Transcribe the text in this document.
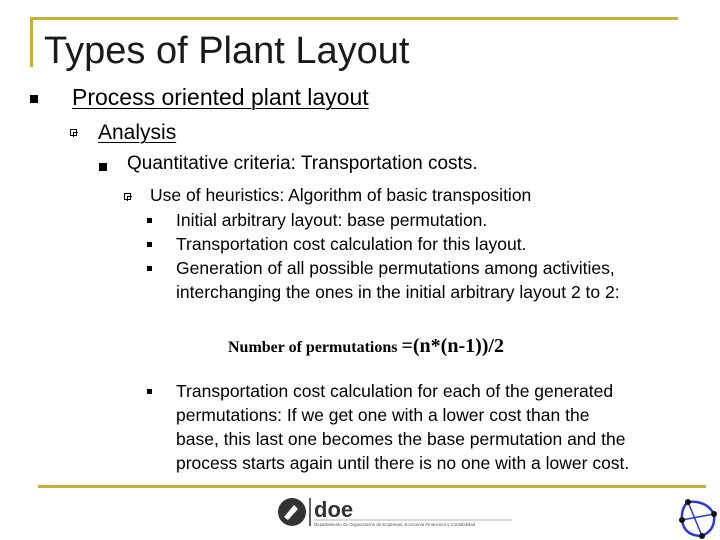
Types of Plant Layout
Process oriented plant layout
Analysis
Quantitative criteria: Transportation costs.
Use of heuristics: Algorithm of basic transposition
Initial arbitrary layout: base permutation.
Transportation cost calculation for this layout.
Generation of all possible permutations among activities,
interchanging the ones in the initial arbitrary layout 2 to 2:
Number of permutations =(n*(n-1))/2
Transportation cost calculation for each of the generated
permutations: If we get one with a lower cost than the
base, this last one becomes the base permutation and the
process starts again until there is no one with a lower cost.
doe
Departamento de Organización de Empresas, Economía Financiera y Contabilidad
